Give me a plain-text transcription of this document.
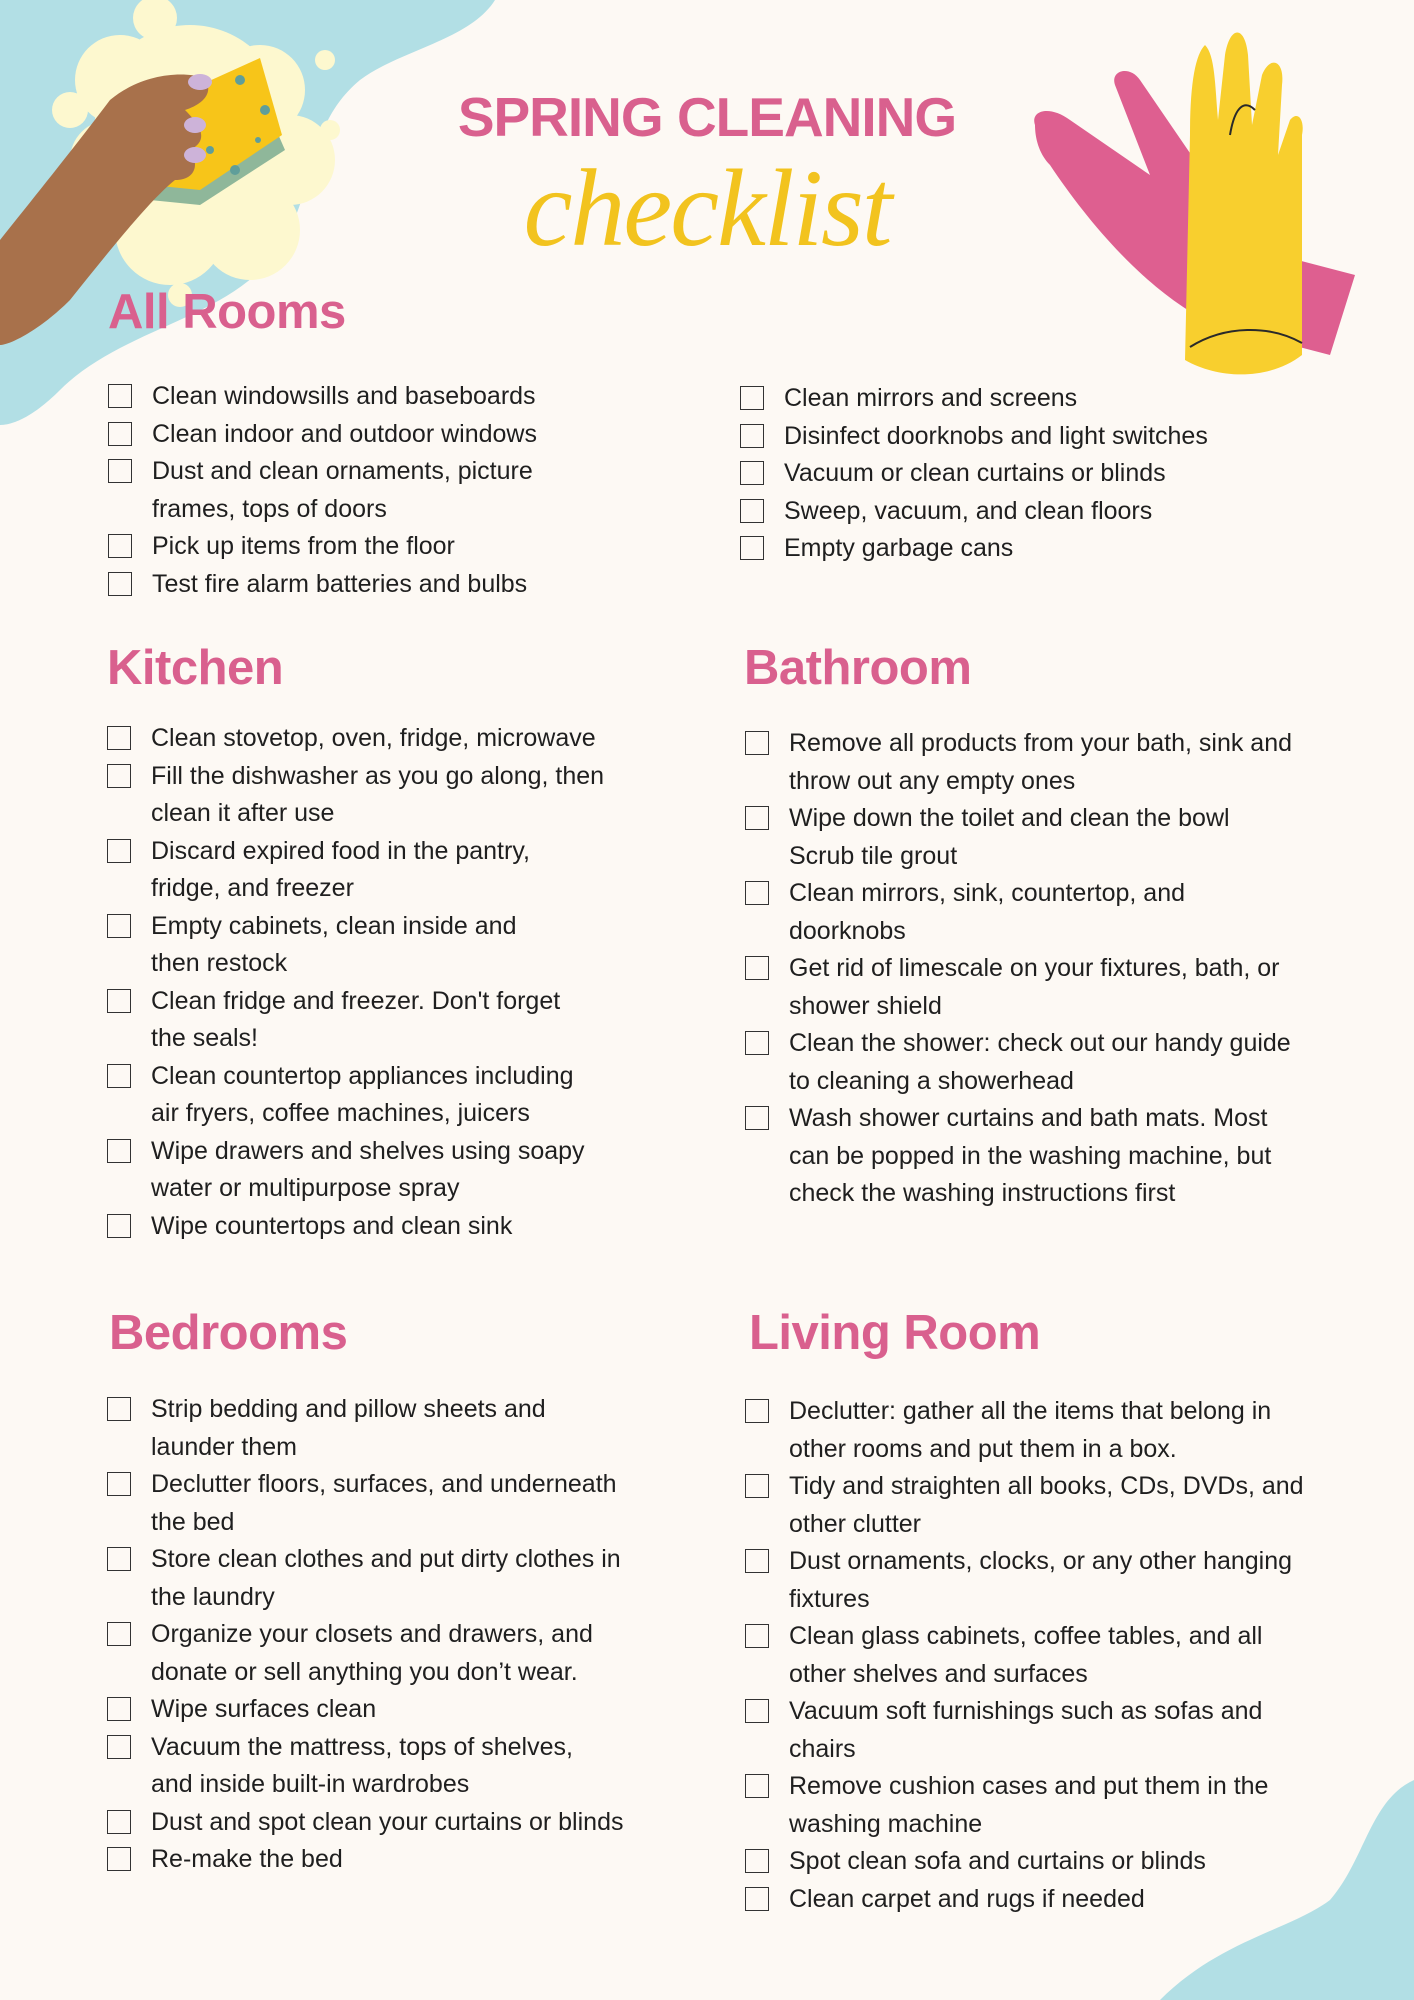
SPRING CLEANING
checklist
All Rooms
Clean windowsills and baseboards
Clean indoor and outdoor windows
Dust and clean ornaments, picture
frames, tops of doors
Pick up items from the floor
Test fire alarm batteries and bulbs
Clean mirrors and screens
Disinfect doorknobs and light switches
Vacuum or clean curtains or blinds
Sweep, vacuum, and clean floors
Empty garbage cans
Kitchen
Clean stovetop, oven, fridge, microwave
Fill the dishwasher as you go along, then
clean it after use
Discard expired food in the pantry,
fridge, and freezer
Empty cabinets, clean inside and
then restock
Clean fridge and freezer. Don't forget
the seals!
Clean countertop appliances including
air fryers, coffee machines, juicers
Wipe drawers and shelves using soapy
water or multipurpose spray
Wipe countertops and clean sink
Bathroom
Remove all products from your bath, sink and
throw out any empty ones
Wipe down the toilet and clean the bowl
Scrub tile grout
Clean mirrors, sink, countertop, and
doorknobs
Get rid of limescale on your fixtures, bath, or
shower shield
Clean the shower: check out our handy guide
to cleaning a showerhead
Wash shower curtains and bath mats. Most
can be popped in the washing machine, but
check the washing instructions first
Bedrooms
Strip bedding and pillow sheets and
launder them
Declutter floors, surfaces, and underneath
the bed
Store clean clothes and put dirty clothes in
the laundry
Organize your closets and drawers, and
donate or sell anything you don’t wear.
Wipe surfaces clean
Vacuum the mattress, tops of shelves,
and inside built-in wardrobes
Dust and spot clean your curtains or blinds
Re-make the bed
Living Room
Declutter: gather all the items that belong in
other rooms and put them in a box.
Tidy and straighten all books, CDs, DVDs, and
other clutter
Dust ornaments, clocks, or any other hanging
fixtures
Clean glass cabinets, coffee tables, and all
other shelves and surfaces
Vacuum soft furnishings such as sofas and
chairs
Remove cushion cases and put them in the
washing machine
Spot clean sofa and curtains or blinds
Clean carpet and rugs if needed
